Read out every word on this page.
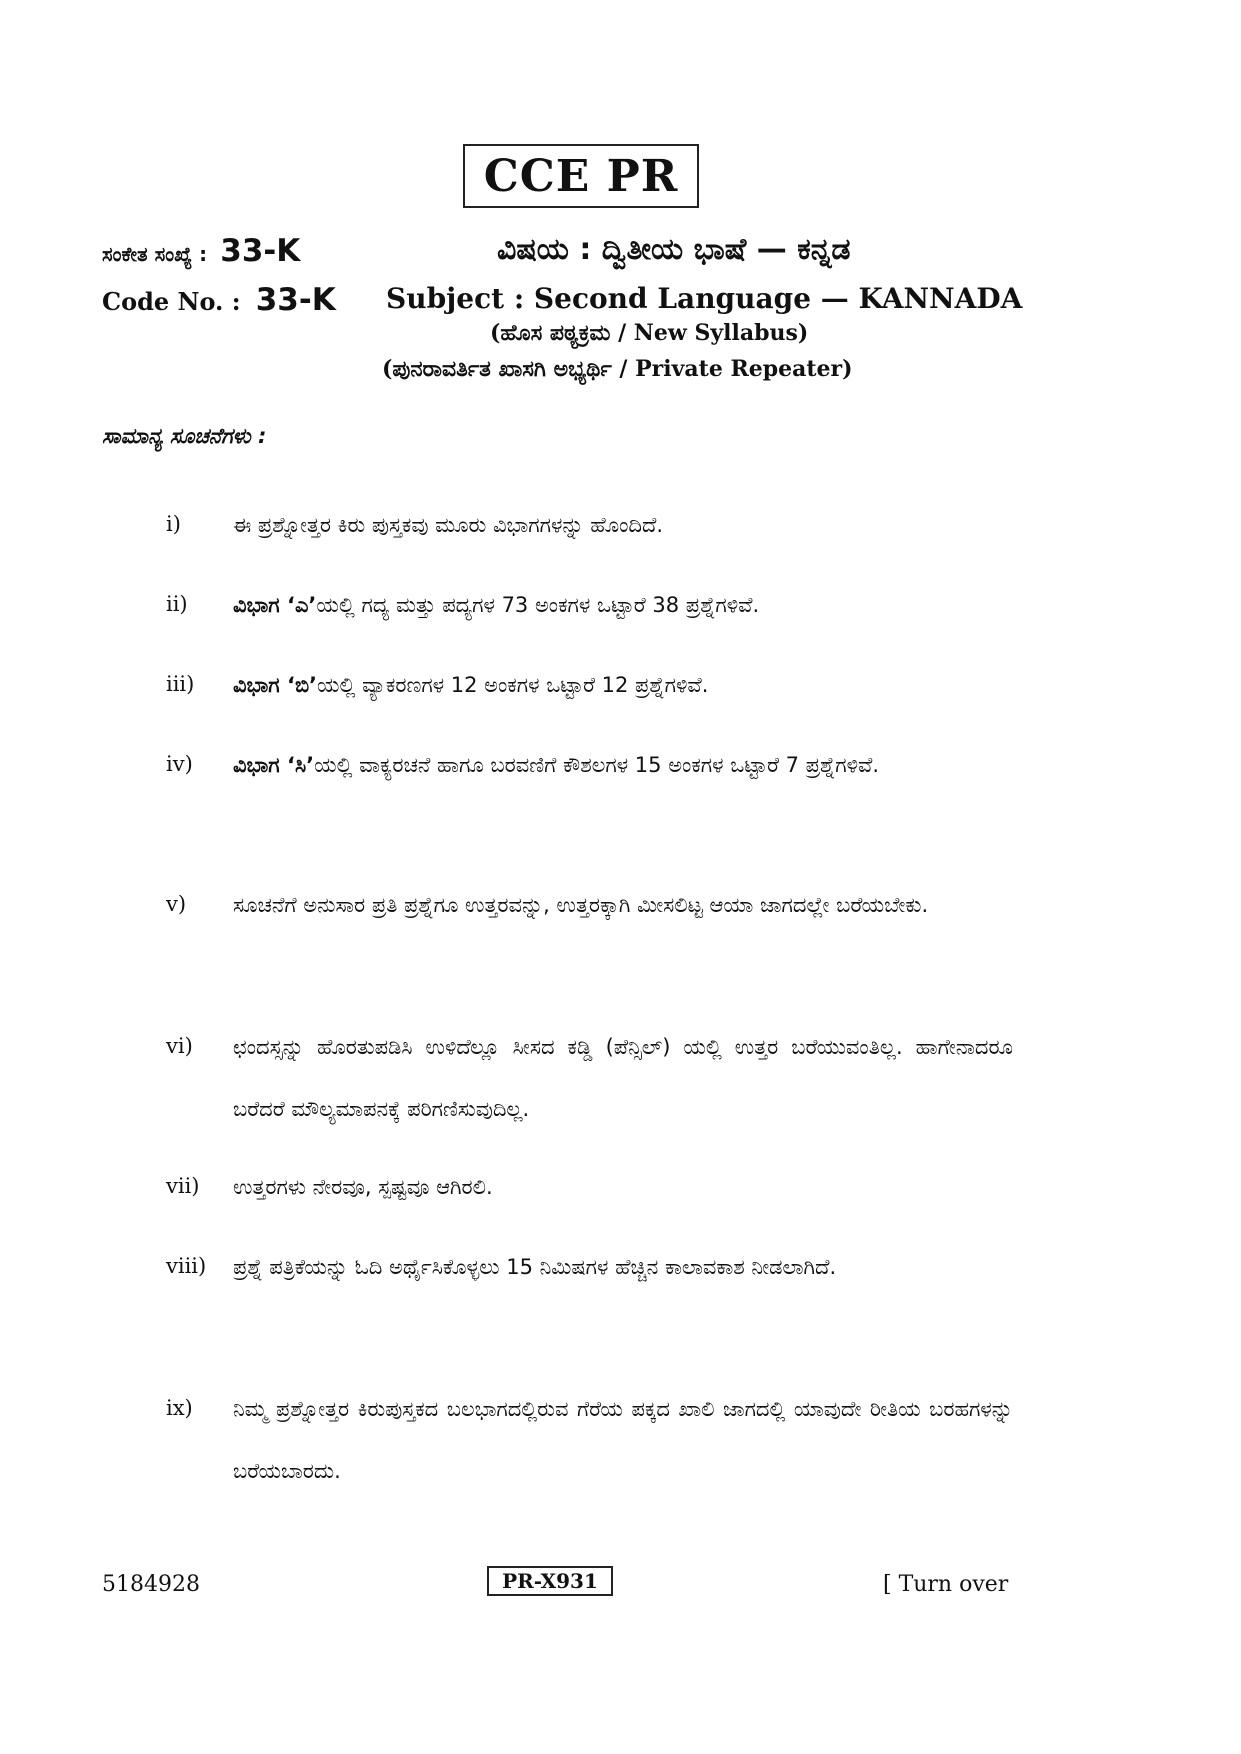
CCE PR
ಸಂಕೇತ ಸಂಖ್ಯೆ : 33-K	ವಿಷಯ : ದ್ವಿತೀಯ ಭಾಷೆ — ಕನ್ನಡ
Code No. : 33-K Subject : Second Language — KANNADA
(ಹೊಸ ಪಠ್ಯಕ್ರಮ / New Syllabus)
(ಪುನರಾವರ್ತಿತ ಖಾಸಗಿ ಅಭ್ಯರ್ಥಿ / Private Repeater)
ಸಾಮಾನ್ಯ ಸೂಚನೆಗಳು :
i) ಈ ಪ್ರಶ್ನೋತ್ತರ ಕಿರು ಪುಸ್ತಕವು ಮೂರು ವಿಭಾಗಗಳನ್ನು ಹೊಂದಿದೆ.
ii) ವಿಭಾಗ ‘ಎ’ಯಲ್ಲಿ ಗದ್ಯ ಮತ್ತು ಪದ್ಯಗಳ 73 ಅಂಕಗಳ ಒಟ್ಟಾರೆ 38 ಪ್ರಶ್ನೆಗಳಿವೆ.
iii) ವಿಭಾಗ ‘ಬಿ’ಯಲ್ಲಿ ವ್ಯಾಕರಣಗಳ 12 ಅಂಕಗಳ ಒಟ್ಟಾರೆ 12 ಪ್ರಶ್ನೆಗಳಿವೆ.
iv) ವಿಭಾಗ ‘ಸಿ’ಯಲ್ಲಿ ವಾಕ್ಯರಚನೆ ಹಾಗೂ ಬರವಣಿಗೆ ಕೌಶಲಗಳ 15 ಅಂಕಗಳ ಒಟ್ಟಾರೆ 7 ಪ್ರಶ್ನೆಗಳಿವೆ.
v) ಸೂಚನೆಗೆ ಅನುಸಾರ ಪ್ರತಿ ಪ್ರಶ್ನೆಗೂ ಉತ್ತರವನ್ನು, ಉತ್ತರಕ್ಕಾಗಿ ಮೀಸಲಿಟ್ಟ ಆಯಾ ಜಾಗದಲ್ಲೇ ಬರೆಯಬೇಕು.
vi) ಛಂದಸ್ಸನ್ನು ಹೊರತುಪಡಿಸಿ ಉಳಿದೆಲ್ಲೂ ಸೀಸದ ಕಡ್ಡಿ (ಪೆನ್ಸಿಲ್) ಯಲ್ಲಿ ಉತ್ತರ ಬರೆಯುವಂತಿಲ್ಲ. ಹಾಗೇನಾದರೂ ಬರೆದರೆ ಮೌಲ್ಯಮಾಪನಕ್ಕೆ ಪರಿಗಣಿಸುವುದಿಲ್ಲ.
vii) ಉತ್ತರಗಳು ನೇರವೂ, ಸ್ಪಷ್ಟವೂ ಆಗಿರಲಿ.
viii) ಪ್ರಶ್ನೆ ಪತ್ರಿಕೆಯನ್ನು ಓದಿ ಅರ್ಥೈಸಿಕೊಳ್ಳಲು 15 ನಿಮಿಷಗಳ ಹೆಚ್ಚಿನ ಕಾಲಾವಕಾಶ ನೀಡಲಾಗಿದೆ.
ix) ನಿಮ್ಮ ಪ್ರಶ್ನೋತ್ತರ ಕಿರುಪುಸ್ತಕದ ಬಲಭಾಗದಲ್ಲಿರುವ ಗೆರೆಯ ಪಕ್ಕದ ಖಾಲಿ ಜಾಗದಲ್ಲಿ ಯಾವುದೇ ರೀತಿಯ ಬರಹಗಳನ್ನು ಬರೆಯಬಾರದು.
5184928	PR-X931	[ Turn over
